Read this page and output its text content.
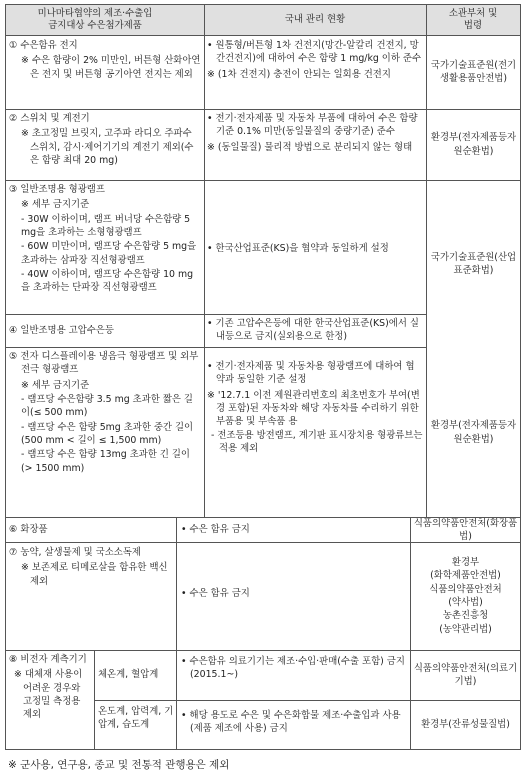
미나마타협약의 제조·수출입
금지대상 수은첨가제품
국내 관리 현황
소관부처 및
법령
① 수은함유 전지
※ 수은 함량이 2% 미만인, 버튼형 산화아연은 전지 및 버튼형 공기아연 전지는 제외
• 원통형/버튼형 1차 건전지(망간-알칼리 건전지, 망간건전지)에 대하여 수은 함량 1 mg/kg 이하 준수
※ (1차 건전지) 충전이 안되는 일회용 건전지
국가기술표준원(전기생활용품안전법)
② 스위치 및 계전기
※ 초고정밀 브릿지, 고주파 라디오 주파수 스위치, 감시·제어기기의 계전기 제외(수은 함량 최대 20 mg)
• 전기·전자제품 및 자동차 부품에 대하여 수은 함량기준 0.1% 미만(동일물질의 중량기준) 준수
※ (동일물질) 물리적 방법으로 분리되지 않는 형태
환경부(전자제품등자원순환법)
③ 일반조명용 형광램프
※ 세부 금지기준
- 30W 이하이며, 램프 버너당 수은함량 5 mg을 초과하는 소형형광램프
- 60W 미만이며, 램프당 수은함량 5 mg을 초과하는 삼파장 직선형광램프
- 40W 이하이며, 램프당 수은함량 10 mg을 초과하는 단파장 직선형광램프
• 한국산업표준(KS)을 협약과 동일하게 설정
국가기술표준원(산업표준화법)
④ 일반조명용 고압수은등
• 기존 고압수은등에 대한 한국산업표준(KS)에서 실내등으로 금지(실외용으로 한정)
⑤ 전자 디스플레이용 냉음극 형광램프 및 외부전극 형광램프
※ 세부 금지기준
- 램프당 수은함량 3.5 mg 초과한 짧은 길이(≤ 500 mm)
- 램프당 수은 함량 5mg 초과한 중간 길이(500 mm < 길이 ≤ 1,500 mm)
- 램프당 수은 함량 13mg 초과한 긴 길이(> 1500 mm)
• 전기·전자제품 및 자동차용 형광램프에 대하여 협약과 동일한 기준 설정
※ '12.7.1 이전 제원관리번호의 최초번호가 부여(변경 포함)된 자동차와 해당 자동차를 수리하기 위한 부품용 및 부속품 용
- 전조등용 방전램프, 계기판 표시장치용 형광류브는 적용 제외
환경부(전자제품등자원순환법)
⑥ 화장품	• 수은 함유 금지
식품의약품안전처(화장품법)
⑦ 농약, 살생물제 및 국소소독제
※ 보존제로 티메로살을 함유한 백신 제외
• 수은 함유 금지
환경부
(화학제품안전법)
식품의약품안전처
(약사법)
농촌진흥청
(농약관리법)
⑧ 비전자 계측기기
※ 대체재 사용이 어려운 경우와 고정밀 측정용 제외
체온계, 혈압계
온도계, 압력계, 기압계, 습도계
• 수은함유 의료기기는 제조·수입·판매(수출 포함) 금지(2015.1~)
• 해당 용도로 수은 및 수은화합물 제조·수출입과 사용(제품 제조에 사용) 금지
식품의약품안전처(의료기기법)
환경부(잔류성물질법)
※ 군사용, 연구용, 종교 및 전통적 관행용은 제외
